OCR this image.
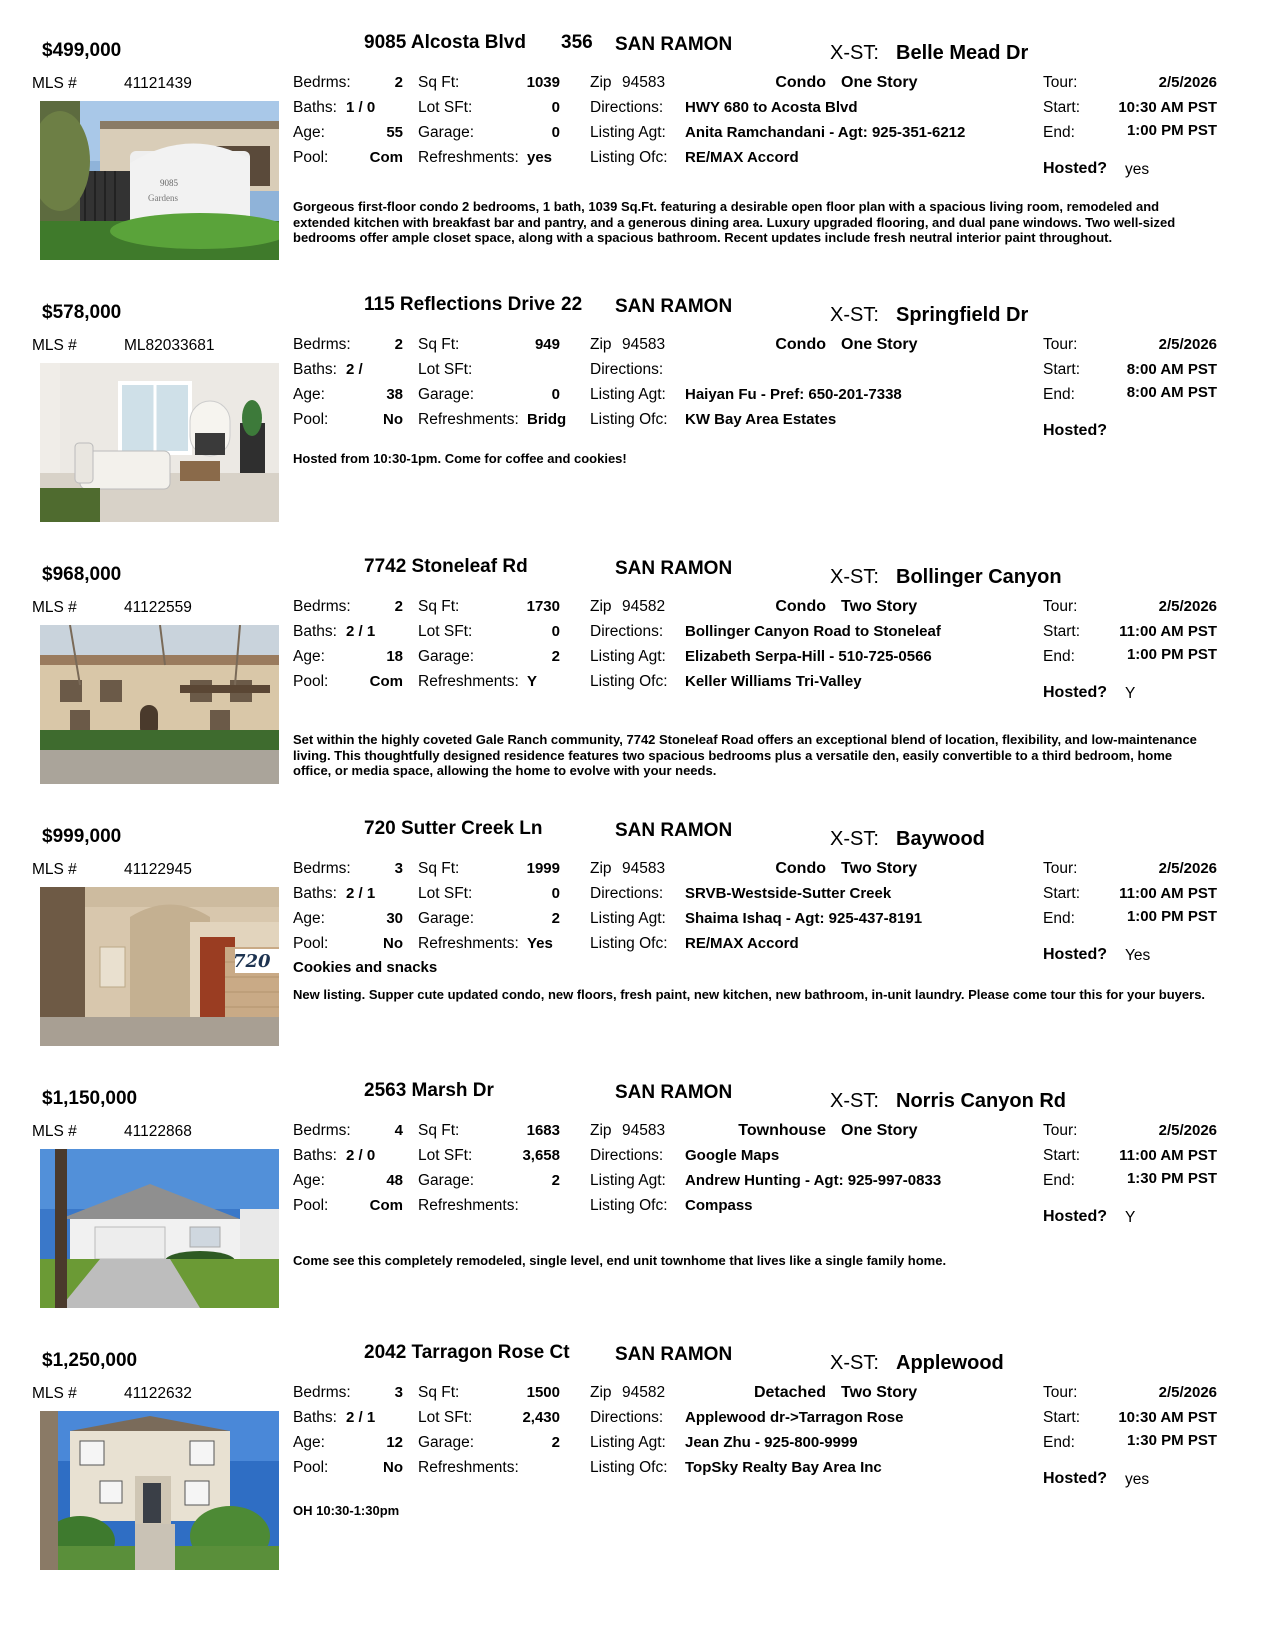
$499,000	9085 Alcosta Blvd 356 SAN RAMON	X-ST: Belle Mead Dr
MLS #	41121439
9085
Gardens
Bedrms:	2
Baths: 1 / 0
Age:	55
Pool:	Com
Sq Ft:	1039
Lot SFt:	0
Garage:	0
Refreshments: yes
Zip 94583	Condo One Story
Directions: HWY 680 to Acosta Blvd
Listing Agt: Anita Ramchandani - Agt: 925-351-6212
Listing Ofc: RE/MAX Accord
Tour:	2/5/2026
Start:	10:30 AM PST
End:	1:00 PM PST
Hosted? yes
Gorgeous first-floor condo 2 bedrooms, 1 bath, 1039 Sq.Ft. featuring a desirable open floor plan with a spacious living room, remodeled and extended kitchen with breakfast bar and pantry, and a generous dining area. Luxury upgraded flooring, and dual pane windows. Two well-sized bedrooms offer ample closet space, along with a spacious bathroom. Recent updates include fresh neutral interior paint throughout.
$578,000	115 Reflections Drive 22 SAN RAMON	X-ST: Springfield Dr
MLS #	ML82033681	Bedrms:	2
Baths: 2 /
Age:	38
Pool:	No
Sq Ft:	949
Lot SFt:
Garage:	0
Refreshments: Bridg
Zip 94583	Condo One Story
Directions:
Listing Agt: Haiyan Fu - Pref: 650-201-7338
Listing Ofc: KW Bay Area Estates
Tour:	2/5/2026
Start:	8:00 AM PST
End:	8:00 AM PST
Hosted?
Hosted from 10:30-1pm. Come for coffee and cookies!
$968,000	7742 Stoneleaf Rd	SAN RAMON	X-ST: Bollinger Canyon
MLS #	41122559	Bedrms:	2
Baths: 2 / 1
Age:	18
Pool:	Com
Sq Ft:	1730
Lot SFt:	0
Garage:	2
Refreshments: Y
Zip 94582	Condo Two Story
Directions: Bollinger Canyon Road to Stoneleaf
Listing Agt: Elizabeth Serpa-Hill - 510-725-0566
Listing Ofc: Keller Williams Tri-Valley
Tour:	2/5/2026
Start:	11:00 AM PST
End:	1:00 PM PST
Hosted? Y
Set within the highly coveted Gale Ranch community, 7742 Stoneleaf Road offers an exceptional blend of location, flexibility, and low-maintenance living. This thoughtfully designed residence features two spacious bedrooms plus a versatile den, easily convertible to a third bedroom, home office, or media space, allowing the home to evolve with your needs.
$999,000	720 Sutter Creek Ln	SAN RAMON	X-ST: Baywood
MLS #	41122945
720
Bedrms:	3
Baths: 2 / 1
Age:	30
Pool:	No
Sq Ft:	1999
Lot SFt:	0
Garage:	2
Refreshments: Yes
Zip 94583	Condo Two Story
Directions: SRVB-Westside-Sutter Creek
Listing Agt: Shaima Ishaq - Agt: 925-437-8191
Listing Ofc: RE/MAX Accord
Tour:	2/5/2026
Start:	11:00 AM PST
End:	1:00 PM PST
Hosted? Yes
Cookies and snacks
New listing. Supper cute updated condo, new floors, fresh paint, new kitchen, new bathroom, in-unit laundry. Please come tour this for your buyers.
$1,150,000	2563 Marsh Dr	SAN RAMON	X-ST: Norris Canyon Rd
MLS #	41122868	Bedrms:	4
Baths: 2 / 0
Age:	48
Pool:	Com
Sq Ft:	1683
Lot SFt:	3,658
Garage:	2
Refreshments:
Zip 94583	Townhouse One Story
Directions: Google Maps
Listing Agt: Andrew Hunting - Agt: 925-997-0833
Listing Ofc: Compass
Tour:	2/5/2026
Start:	11:00 AM PST
End:	1:30 PM PST
Hosted? Y
Come see this completely remodeled, single level, end unit townhome that lives like a single family home.
$1,250,000	2042 Tarragon Rose Ct SAN RAMON	X-ST: Applewood
MLS #	41122632	Bedrms:	3
Baths: 2 / 1
Age:	12
Pool:	No
Sq Ft:	1500
Lot SFt:	2,430
Garage:	2
Refreshments:
Zip 94582	Detached Two Story
Directions: Applewood dr->Tarragon Rose
Listing Agt: Jean Zhu - 925-800-9999
Listing Ofc: TopSky Realty Bay Area Inc
Tour:	2/5/2026
Start:	10:30 AM PST
End:	1:30 PM PST
Hosted? yes
OH 10:30-1:30pm
